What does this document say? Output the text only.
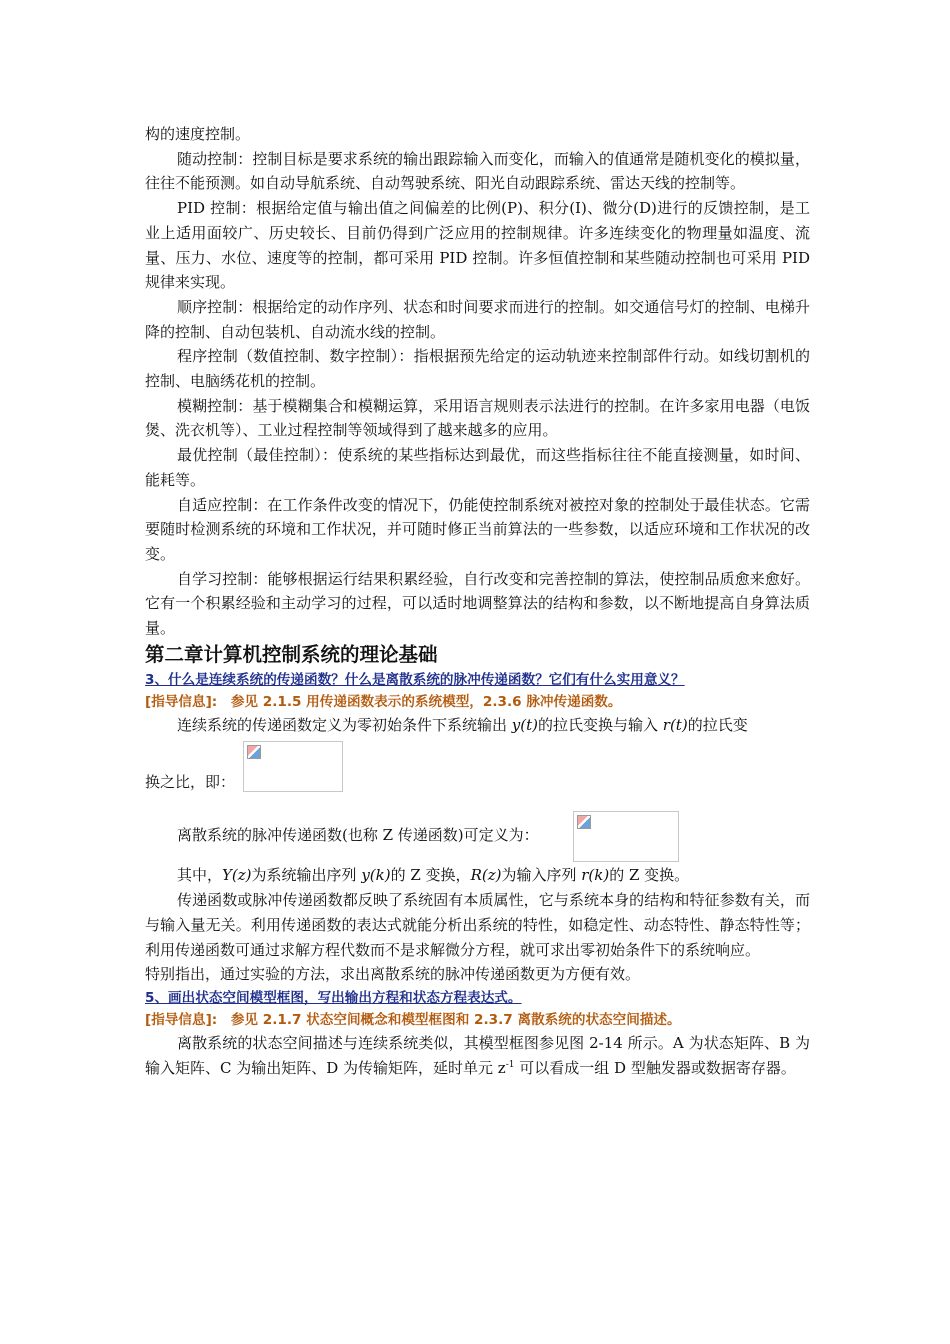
构的速度控制。

随动控制：控制目标是要求系统的输出跟踪输入而变化，而输入的值通常是随机变化的模拟量，往往不能预测。如自动导航系统、自动驾驶系统、阳光自动跟踪系统、雷达天线的控制等。

PID 控制：根据给定值与输出值之间偏差的比例(P)、积分(I)、微分(D)进行的反馈控制，是工业上适用面较广、历史较长、目前仍得到广泛应用的控制规律。许多连续变化的物理量如温度、流量、压力、水位、速度等的控制，都可采用 PID 控制。许多恒值控制和某些随动控制也可采用 PID 规律来实现。

顺序控制：根据给定的动作序列、状态和时间要求而进行的控制。如交通信号灯的控制、电梯升降的控制、自动包装机、自动流水线的控制。

程序控制（数值控制、数字控制）：指根据预先给定的运动轨迹来控制部件行动。如线切割机的控制、电脑绣花机的控制。

模糊控制：基于模糊集合和模糊运算，采用语言规则表示法进行的控制。在许多家用电器（电饭煲、洗衣机等）、工业过程控制等领域得到了越来越多的应用。

最优控制（最佳控制）：使系统的某些指标达到最优，而这些指标往往不能直接测量，如时间、能耗等。

自适应控制：在工作条件改变的情况下，仍能使控制系统对被控对象的控制处于最佳状态。它需要随时检测系统的环境和工作状况，并可随时修正当前算法的一些参数，以适应环境和工作状况的改变。

自学习控制：能够根据运行结果积累经验，自行改变和完善控制的算法，使控制品质愈来愈好。它有一个积累经验和主动学习的过程，可以适时地调整算法的结构和参数，以不断地提高自身算法质量。

第二章计算机控制系统的理论基础

3、什么是连续系统的传递函数？什么是离散系统的脉冲传递函数？它们有什么实用意义？

[指导信息]:　参见 2.1.5 用传递函数表示的系统模型，2.3.6 脉冲传递函数。

连续系统的传递函数定义为零初始条件下系统输出 y(t)的拉氏变换与输入 r(t)的拉氏变

换之比，即：
离散系统的脉冲传递函数(也称 Z 传递函数)可定义为：

其中，Y(z)为系统输出序列 y(k)的 Z 变换，R(z)为输入序列 r(k)的 Z 变换。

传递函数或脉冲传递函数都反映了系统固有本质属性，它与系统本身的结构和特征参数有关，而与输入量无关。利用传递函数的表达式就能分析出系统的特性，如稳定性、动态特性、静态特性等；利用传递函数可通过求解方程代数而不是求解微分方程，就可求出零初始条件下的系统响应。

特别指出，通过实验的方法，求出离散系统的脉冲传递函数更为方便有效。

5、画出状态空间模型框图，写出输出方程和状态方程表达式。

[指导信息]:　参见 2.1.7 状态空间概念和模型框图和 2.3.7 离散系统的状态空间描述。

离散系统的状态空间描述与连续系统类似，其模型框图参见图 2-14 所示。A 为状态矩阵、B 为输入矩阵、C 为输出矩阵、D 为传输矩阵，延时单元 $z^{-1}$ 可以看成一组 D 型触发器或数据寄存器。
